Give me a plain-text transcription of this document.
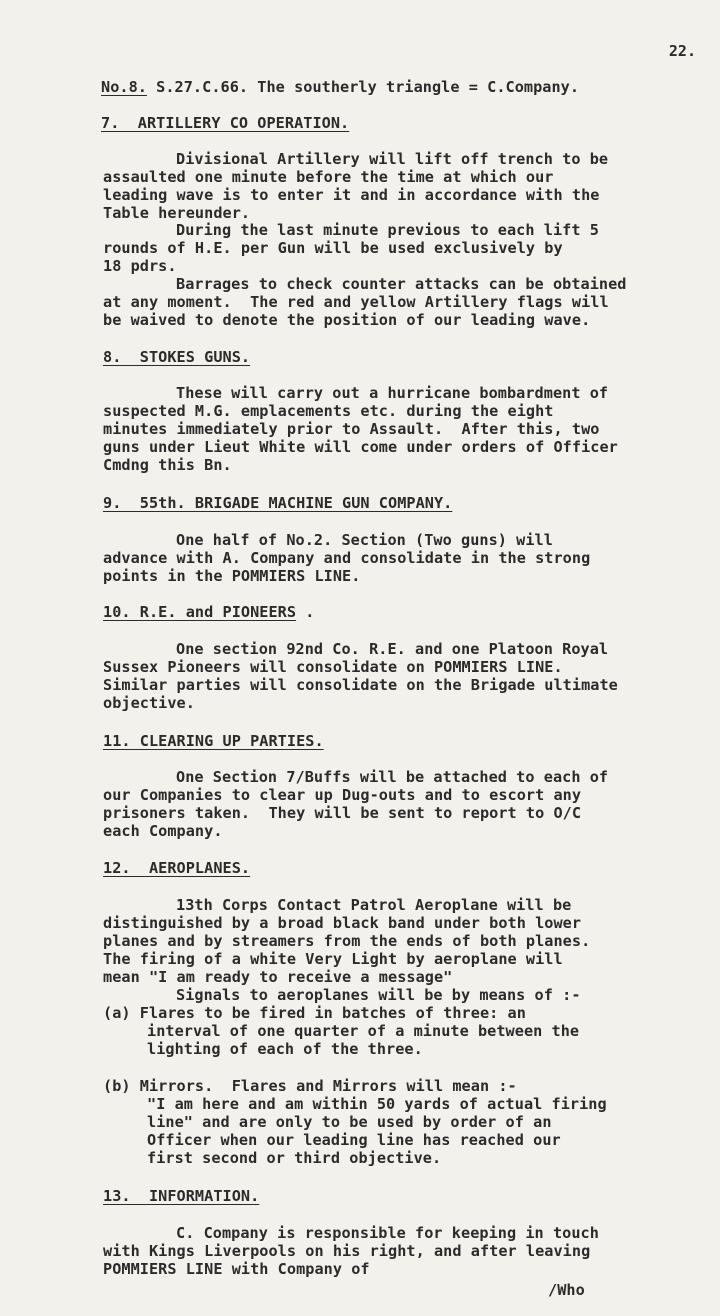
22.
No.8. S.27.C.66. The southerly triangle = C.Company.
7.  ARTILLERY CO OPERATION.
Divisional Artillery will lift off trench to be
assaulted one minute before the time at which our
leading wave is to enter it and in accordance with the
Table hereunder.
During the last minute previous to each lift 5
rounds of H.E. per Gun will be used exclusively by
18 pdrs.
Barrages to check counter attacks can be obtained
at any moment.  The red and yellow Artillery flags will
be waived to denote the position of our leading wave.
8.  STOKES GUNS.
These will carry out a hurricane bombardment of
suspected M.G. emplacements etc. during the eight
minutes immediately prior to Assault.  After this, two
guns under Lieut White will come under orders of Officer
Cmdng this Bn.
9.  55th. BRIGADE MACHINE GUN COMPANY.
One half of No.2. Section (Two guns) will
advance with A. Company and consolidate in the strong
points in the POMMIERS LINE.
10. R.E. and PIONEERS .
One section 92nd Co. R.E. and one Platoon Royal
Sussex Pioneers will consolidate on POMMIERS LINE.
Similar parties will consolidate on the Brigade ultimate
objective.
11. CLEARING UP PARTIES.
One Section 7/Buffs will be attached to each of
our Companies to clear up Dug-outs and to escort any
prisoners taken.  They will be sent to report to O/C
each Company.
12.  AEROPLANES.
13th Corps Contact Patrol Aeroplane will be
distinguished by a broad black band under both lower
planes and by streamers from the ends of both planes.
The firing of a white Very Light by aeroplane will
mean "I am ready to receive a message"
Signals to aeroplanes will be by means of :-
(a) Flares to be fired in batches of three: an
interval of one quarter of a minute between the
lighting of each of the three.
(b) Mirrors.  Flares and Mirrors will mean :-
"I am here and am within 50 yards of actual firing
line" and are only to be used by order of an
Officer when our leading line has reached our
first second or third objective.
13.  INFORMATION.
C. Company is responsible for keeping in touch
with Kings Liverpools on his right, and after leaving
POMMIERS LINE with Company of
/Who
